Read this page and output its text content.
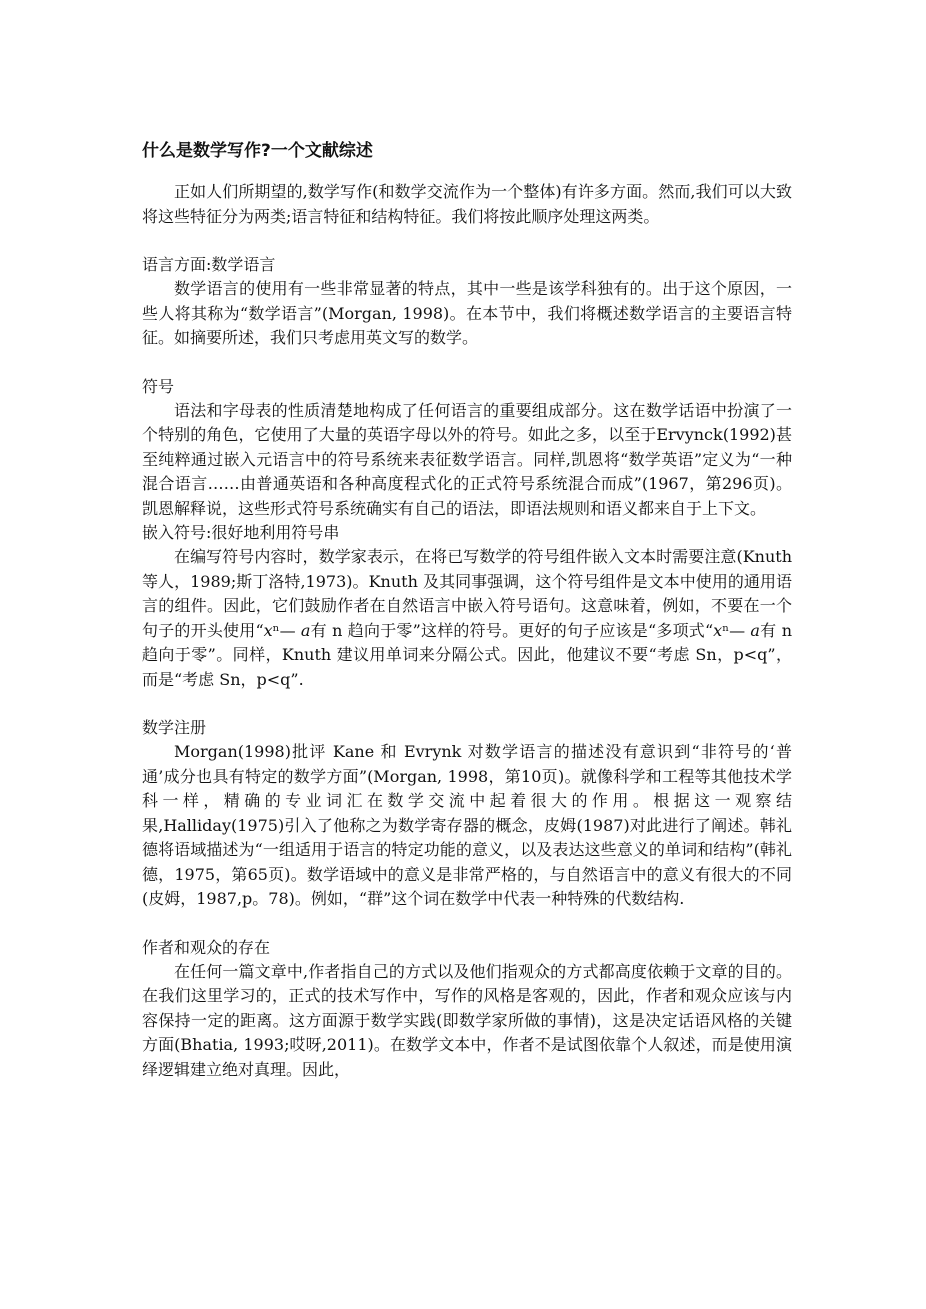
什么是数学写作?一个文献综述
正如人们所期望的,数学写作(和数学交流作为一个整体)有许多方面。然而,我们可以大致将这些特征分为两类;语言特征和结构特征。我们将按此顺序处理这两类。
语言方面:数学语言
数学语言的使用有一些非常显著的特点，其中一些是该学科独有的。出于这个原因，一些人将其称为“数学语言”(Morgan, 1998)。在本节中，我们将概述数学语言的主要语言特征。如摘要所述，我们只考虑用英文写的数学。
符号
语法和字母表的性质清楚地构成了任何语言的重要组成部分。这在数学话语中扮演了一个特别的角色，它使用了大量的英语字母以外的符号。如此之多，以至于Ervynck(1992)甚至纯粹通过嵌入元语言中的符号系统来表征数学语言。同样,凯恩将“数学英语”定义为“一种混合语言……由普通英语和各种高度程式化的正式符号系统混合而成”(1967，第296页)。凯恩解释说，这些形式符号系统确实有自己的语法，即语法规则和语义都来自于上下文。
嵌入符号:很好地利用符号串
在编写符号内容时，数学家表示，在将已写数学的符号组件嵌入文本时需要注意(Knuth 等人，1989;斯丁洛特,1973)。Knuth 及其同事强调，这个符号组件是文本中使用的通用语言的组件。因此，它们鼓励作者在自然语言中嵌入符号语句。这意味着，例如，不要在一个句子的开头使用“𝑥ⁿ— 𝑎有 n 趋向于零”这样的符号。更好的句子应该是“多项式“𝑥ⁿ— 𝑎有 n 趋向于零”。同样，Knuth 建议用单词来分隔公式。因此，他建议不要“考虑 Sn，p<q”，而是“考虑 Sn，p<q”.
数学注册
Morgan(1998)批评 Kane 和 Evrynk 对数学语言的描述没有意识到“非符号的‘普通’成分也具有特定的数学方面”(Morgan, 1998，第10页)。就像科学和工程等其他技术学科一样，精确的专业词汇在数学交流中起着很大的作用。根据这一观察结果,Halliday(1975)引入了他称之为数学寄存器的概念，皮姆(1987)对此进行了阐述。韩礼德将语域描述为“一组适用于语言的特定功能的意义，以及表达这些意义的单词和结构”(韩礼德，1975，第65页)。数学语域中的意义是非常严格的，与自然语言中的意义有很大的不同(皮姆，1987,p。78)。例如，“群”这个词在数学中代表一种特殊的代数结构.
作者和观众的存在
在任何一篇文章中,作者指自己的方式以及他们指观众的方式都高度依赖于文章的目的。在我们这里学习的，正式的技术写作中，写作的风格是客观的，因此，作者和观众应该与内容保持一定的距离。这方面源于数学实践(即数学家所做的事情)，这是决定话语风格的关键方面(Bhatia, 1993;哎呀,2011)。在数学文本中，作者不是试图依靠个人叙述，而是使用演绎逻辑建立绝对真理。因此，
